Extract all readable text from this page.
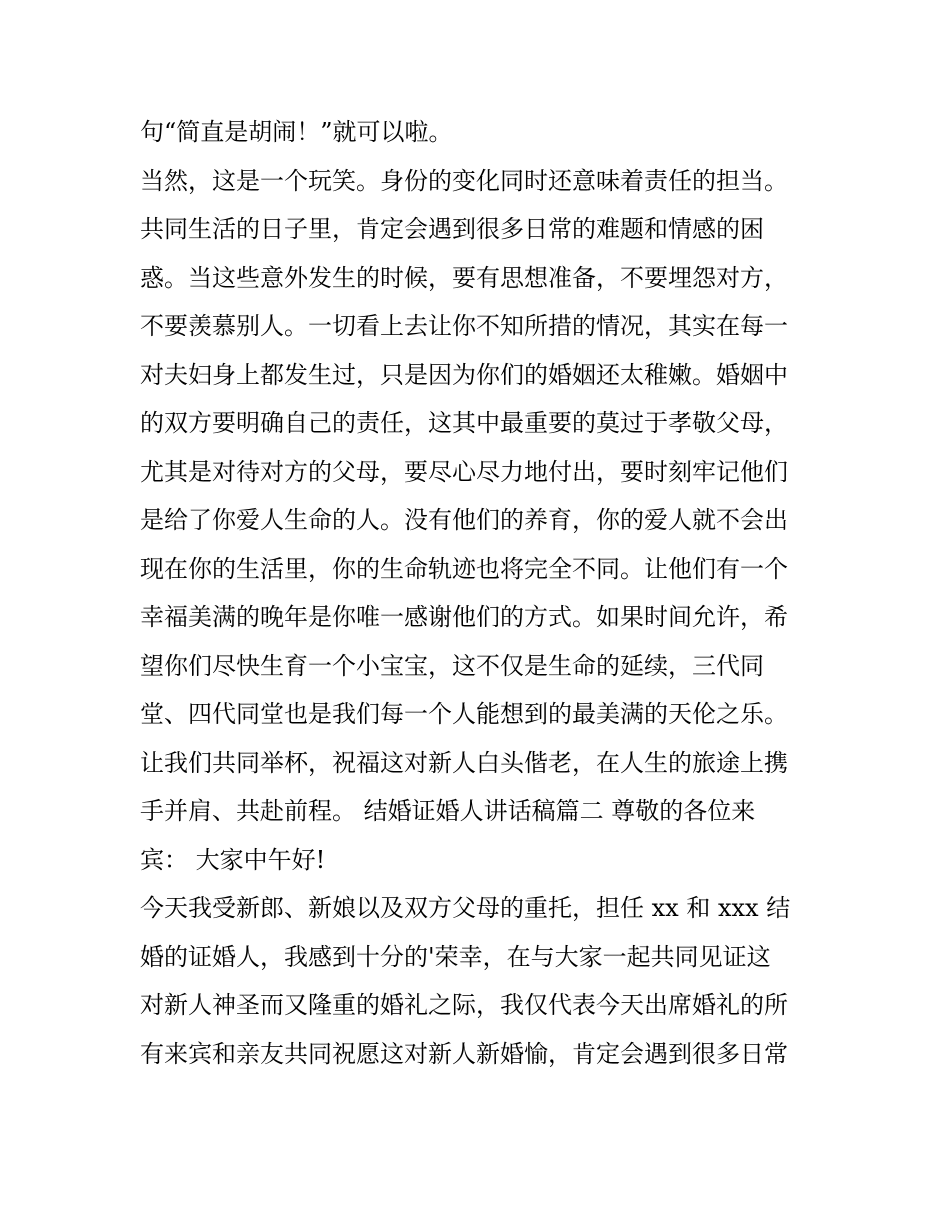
句“简直是胡闹！”就可以啦。
当然，这是一个玩笑。身份的变化同时还意味着责任的担当。
共同生活的日子里，肯定会遇到很多日常的难题和情感的困
惑。当这些意外发生的时候，要有思想准备，不要埋怨对方，
不要羡慕别人。一切看上去让你不知所措的情况，其实在每一
对夫妇身上都发生过，只是因为你们的婚姻还太稚嫩。婚姻中
的双方要明确自己的责任，这其中最重要的莫过于孝敬父母，
尤其是对待对方的父母，要尽心尽力地付出，要时刻牢记他们
是给了你爱人生命的人。没有他们的养育，你的爱人就不会出
现在你的生活里，你的生命轨迹也将完全不同。让他们有一个
幸福美满的晚年是你唯一感谢他们的方式。如果时间允许，希
望你们尽快生育一个小宝宝，这不仅是生命的延续，三代同
堂、四代同堂也是我们每一个人能想到的最美满的天伦之乐。
让我们共同举杯，祝福这对新人白头偕老，在人生的旅途上携
手并肩、共赴前程。 结婚证婚人讲话稿篇二 尊敬的各位来
宾： 大家中午好!
今天我受新郎、新娘以及双方父母的重托，担任 xx 和 xxx 结
婚的证婚人，我感到十分的'荣幸，在与大家一起共同见证这
对新人神圣而又隆重的婚礼之际，我仅代表今天出席婚礼的所
有来宾和亲友共同祝愿这对新人新婚愉，肯定会遇到很多日常
